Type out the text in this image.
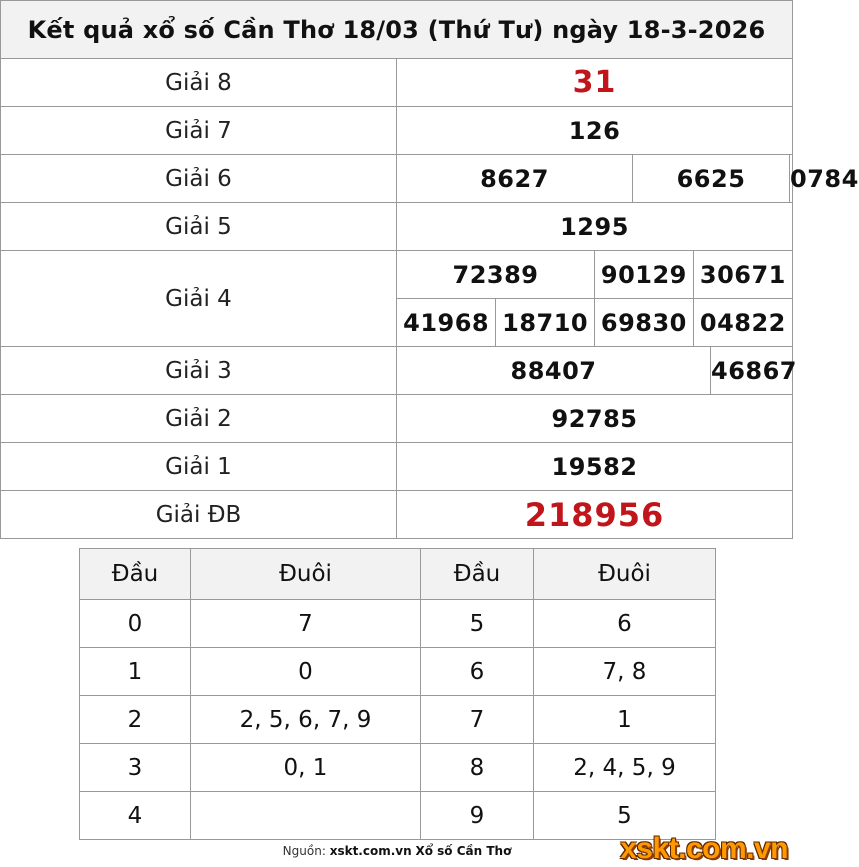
Kết quả xổ số Cần Thơ 18/03 (Thứ Tư) ngày 18-3-2026
Giải 8	31
Giải 7	126
Giải 6		8627	6625	0784

Giải 5	1295
Giải 4	
72389	90129	30671
41968	18710	69830	04822

Giải 3		88407	46867

Giải 2	92785
Giải 1	19582
Giải ĐB	218956
Đầu	Đuôi	Đầu	Đuôi
0	7	5	6
1	0	6	7, 8
2	2, 5, 6, 7, 9	7	1
3	0, 1	8	2, 4, 5, 9
4		9	5
Nguồn: xskt.com.vn Xổ số Cần Thơ	xskt.com.vn
